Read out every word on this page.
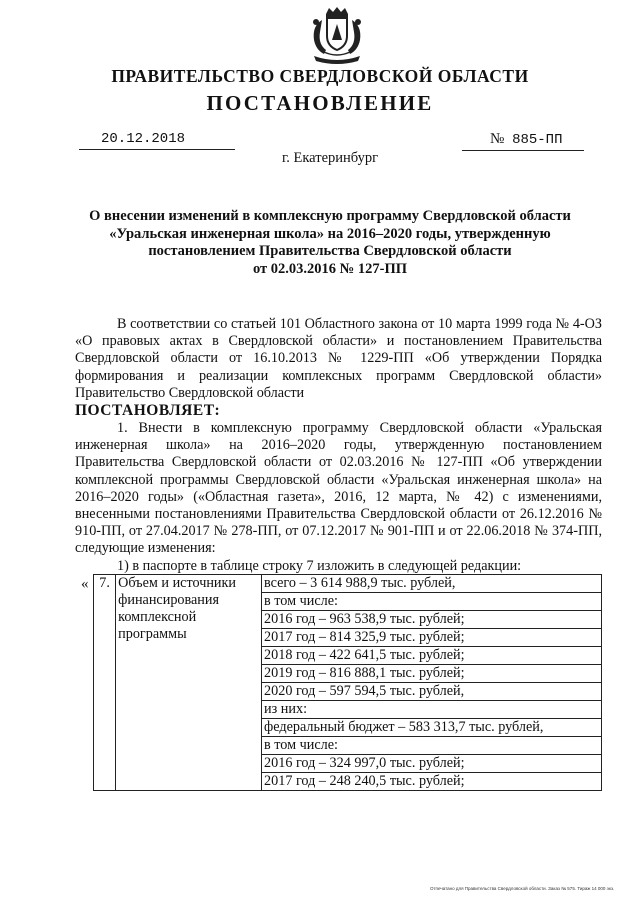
ПРАВИТЕЛЬСТВО СВЕРДЛОВСКОЙ ОБЛАСТИ
ПОСТАНОВЛЕНИЕ
20.12.2018	№ 885-ПП
г. Екатеринбург
О внесении изменений в комплексную программу Свердловской области
«Уральская инженерная школа» на 2016–2020 годы, утвержденную
постановлением Правительства Свердловской области
от 02.03.2016 № 127-ПП

В соответствии со статьей 101 Областного закона от 10 марта 1999 года № 4-ОЗ «О правовых актах в Свердловской области» и постановлением Правительства Свердловской области от 16.10.2013 № 1229-ПП «Об утверждении Порядка формирования и реализации комплексных программ Свердловской области» Правительство Свердловской области

ПОСТАНОВЛЯЕТ:

1. Внести в комплексную программу Свердловской области «Уральская инженерная школа» на 2016–2020 годы, утвержденную постановлением Правительства Свердловской области от 02.03.2016 № 127-ПП «Об утверждении комплексной программы Свердловской области «Уральская инженерная школа» на 2016–2020 годы» («Областная газета», 2016, 12 марта, № 42) с изменениями, внесенными постановлениями Правительства Свердловской области от 26.12.2016 № 910-ПП, от 27.04.2017 № 278-ПП, от 07.12.2017 № 901-ПП и от 22.06.2018 № 374-ПП, следующие изменения:

1) в паспорте в таблице строку 7 изложить в следующей редакции:

« 7.	Объем и источники финансирования комплексной программы	
всего – 3 614 988,9 тыс. рублей,
в том числе:
2016 год – 963 538,9 тыс. рублей;
2017 год – 814 325,9 тыс. рублей;
2018 год – 422 641,5 тыс. рублей;
2019 год – 816 888,1 тыс. рублей;
2020 год – 597 594,5 тыс. рублей,
из них:
федеральный бюджет – 583 313,7 тыс. рублей,
в том числе:
2016 год – 324 997,0 тыс. рублей;
2017 год – 248 240,5 тыс. рублей;
Отпечатано для Правительства Свердловской области. Заказ № 575. Тираж 14 000 экз.
